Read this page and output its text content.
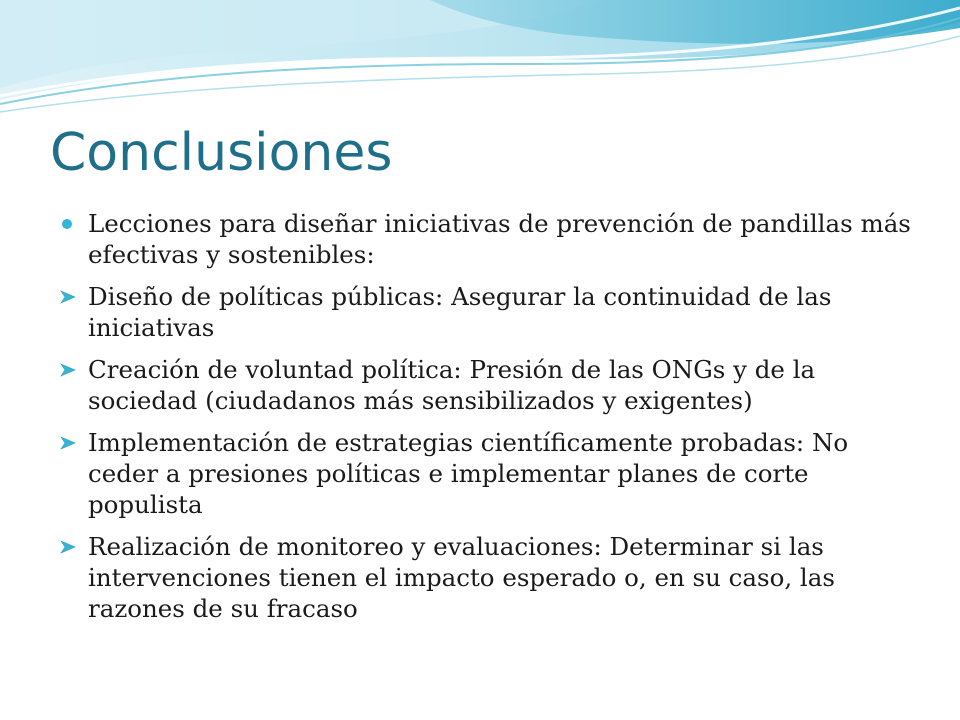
Conclusiones
Lecciones para diseñar iniciativas de prevención de pandillas más efectivas y sostenibles:
Diseño de políticas públicas: Asegurar la continuidad de las iniciativas
Creación de voluntad política: Presión de las ONGs y de la sociedad (ciudadanos más sensibilizados y exigentes)
Implementación de estrategias científicamente probadas: No ceder a presiones políticas e implementar planes de corte populista
Realización de monitoreo y evaluaciones: Determinar si las intervenciones tienen el impacto esperado o, en su caso, las razones de su fracaso
